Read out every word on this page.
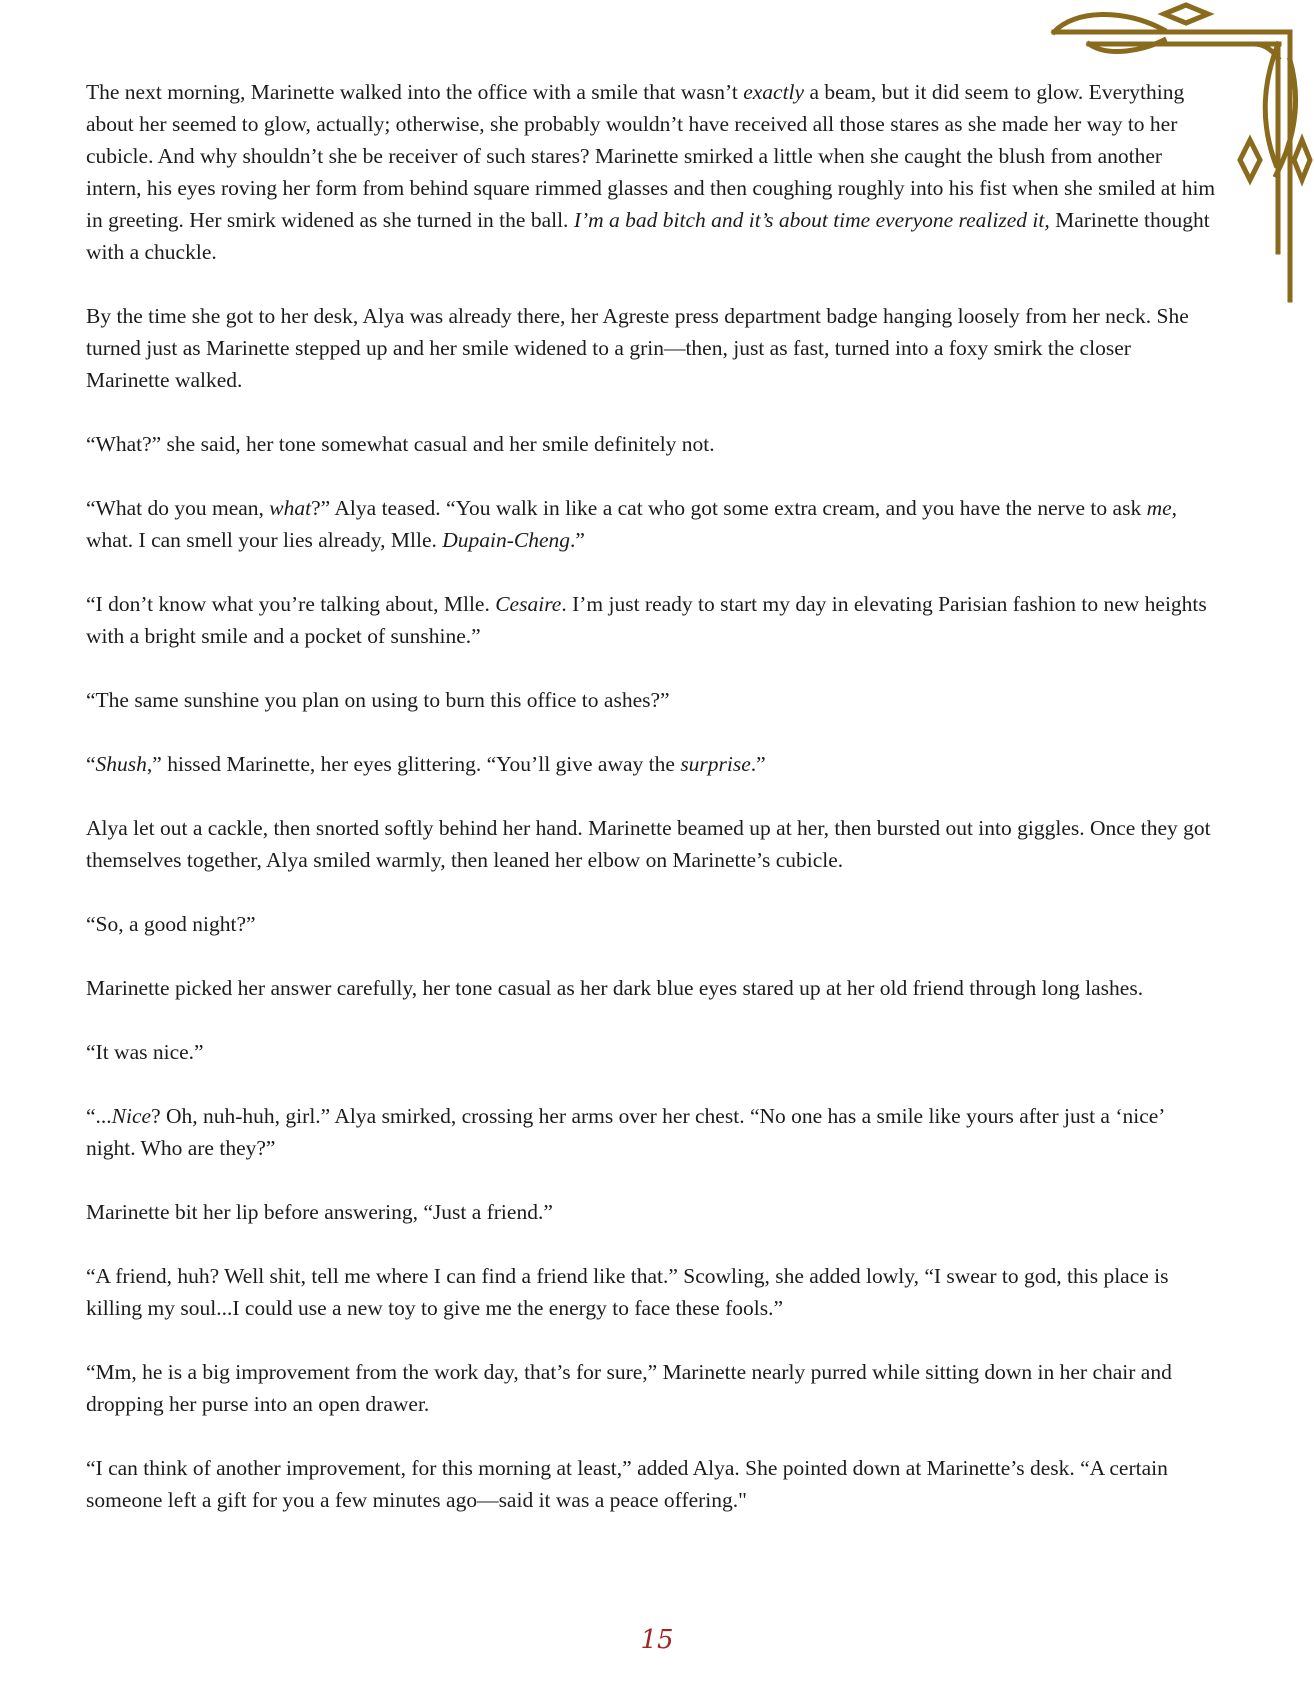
The next morning, Marinette walked into the office with a smile that wasn’t exactly a beam, but it did seem to glow. Everything about her seemed to glow, actually; otherwise, she probably wouldn’t have received all those stares as she made her way to her cubicle. And why shouldn’t she be receiver of such stares? Marinette smirked a little when she caught the blush from another intern, his eyes roving her form from behind square rimmed glasses and then coughing roughly into his fist when she smiled at him in greeting. Her smirk widened as she turned in the ball. I’m a bad bitch and it’s about time everyone realized it, Marinette thought with a chuckle.

By the time she got to her desk, Alya was already there, her Agreste press department badge hanging loosely from her neck. She turned just as Marinette stepped up and her smile widened to a grin—then, just as fast, turned into a foxy smirk the closer Marinette walked.

“What?” she said, her tone somewhat casual and her smile definitely not.

“What do you mean, what?” Alya teased. “You walk in like a cat who got some extra cream, and you have the nerve to ask me, what. I can smell your lies already, Mlle. Dupain-Cheng.”

“I don’t know what you’re talking about, Mlle. Cesaire. I’m just ready to start my day in elevating Parisian fashion to new heights with a bright smile and a pocket of sunshine.”

“The same sunshine you plan on using to burn this office to ashes?”

“Shush,” hissed Marinette, her eyes glittering. “You’ll give away the surprise.”

Alya let out a cackle, then snorted softly behind her hand. Marinette beamed up at her, then bursted out into giggles. Once they got themselves together, Alya smiled warmly, then leaned her elbow on Marinette’s cubicle.

“So, a good night?”

Marinette picked her answer carefully, her tone casual as her dark blue eyes stared up at her old friend through long lashes.

“It was nice.”

“...Nice? Oh, nuh-huh, girl.” Alya smirked, crossing her arms over her chest. “No one has a smile like yours after just a ‘nice’ night. Who are they?”

Marinette bit her lip before answering, “Just a friend.”

“A friend, huh? Well shit, tell me where I can find a friend like that.” Scowling, she added lowly, “I swear to god, this place is killing my soul...I could use a new toy to give me the energy to face these fools.”

“Mm, he is a big improvement from the work day, that’s for sure,” Marinette nearly purred while sitting down in her chair and dropping her purse into an open drawer.

“I can think of another improvement, for this morning at least,” added Alya. She pointed down at Marinette’s desk. “A certain someone left a gift for you a few minutes ago—said it was a peace offering."

15
